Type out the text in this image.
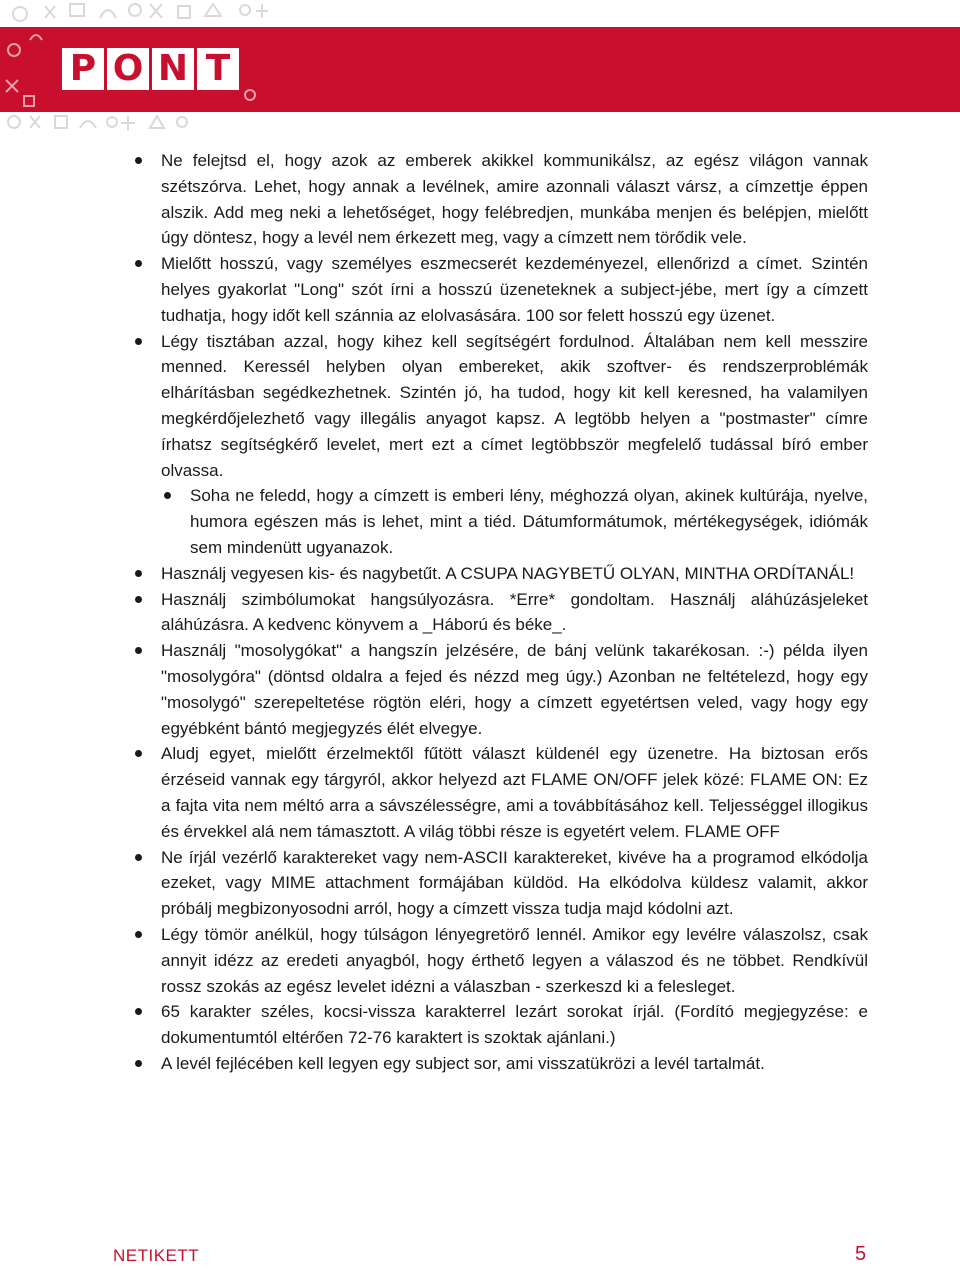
P O N T
Ne felejtsd el, hogy azok az emberek akikkel kommunikálsz, az egész világon vannak szétszórva. Lehet, hogy annak a levélnek, amire azonnali választ vársz, a címzettje éppen alszik. Add meg neki a lehetőséget, hogy felébredjen, munkába menjen és belépjen, mielőtt úgy döntesz, hogy a levél nem érkezett meg, vagy a címzett nem törődik vele.
Mielőtt hosszú, vagy személyes eszmecserét kezdeményezel, ellenőrizd a címet. Szintén helyes gyakorlat "Long" szót írni a hosszú üzeneteknek a subject-jébe, mert így a címzett tudhatja, hogy időt kell szánnia az elolvasására. 100 sor felett hosszú egy üzenet.
Légy tisztában azzal, hogy kihez kell segítségért fordulnod. Általában nem kell messzire menned. Keressél helyben olyan embereket, akik szoftver- és rendszerproblémák elhárításban segédkezhetnek. Szintén jó, ha tudod, hogy kit kell keresned, ha valamilyen megkérdőjelezhető vagy illegális anyagot kapsz. A legtöbb helyen a "postmaster" címre írhatsz segítségkérő levelet, mert ezt a címet legtöbbször megfelelő tudással bíró ember olvassa.
Soha ne feledd, hogy a címzett is emberi lény, méghozzá olyan, akinek kultúrája, nyelve, humora egészen más is lehet, mint a tiéd. Dátumformátumok, mértékegységek, idiómák sem mindenütt ugyanazok.
Használj vegyesen kis- és nagybetűt. A CSUPA NAGYBETŰ OLYAN, MINTHA ORDÍTANÁL!
Használj szimbólumokat hangsúlyozásra. *Erre* gondoltam. Használj aláhúzásjeleket aláhúzásra. A kedvenc könyvem a _Háború és béke_.
Használj "mosolygókat" a hangszín jelzésére, de bánj velünk takarékosan. :-) példa ilyen "mosolygóra" (döntsd oldalra a fejed és nézzd meg úgy.) Azonban ne feltételezd, hogy egy "mosolygó" szerepeltetése rögtön eléri, hogy a címzett egyetértsen veled, vagy hogy egy egyébként bántó megjegyzés élét elvegye.
Aludj egyet, mielőtt érzelmektől fűtött választ küldenél egy üzenetre. Ha biztosan erős érzéseid vannak egy tárgyról, akkor helyezd azt FLAME ON/OFF jelek közé: FLAME ON: Ez a fajta vita nem méltó arra a sávszélességre, ami a továbbításához kell. Teljességgel illogikus és érvekkel alá nem támasztott. A világ többi része is egyetért velem. FLAME OFF
Ne írjál vezérlő karaktereket vagy nem-ASCII karaktereket, kivéve ha a programod elkódolja ezeket, vagy MIME attachment formájában küldöd. Ha elkódolva küldesz valamit, akkor próbálj megbizonyosodni arról, hogy a címzett vissza tudja majd kódolni azt.
Légy tömör anélkül, hogy túlságon lényegretörő lennél. Amikor egy levélre válaszolsz, csak annyit idézz az eredeti anyagból, hogy érthető legyen a válaszod és ne többet. Rendkívül rossz szokás az egész levelet idézni a válaszban - szerkeszd ki a felesleget.
65 karakter széles, kocsi-vissza karakterrel lezárt sorokat írjál. (Fordító megjegyzése: e dokumentumtól eltérően 72-76 karaktert is szoktak ajánlani.)
A levél fejlécében kell legyen egy subject sor, ami visszatükrözi a levél tartalmát.
NETIKETT	5
